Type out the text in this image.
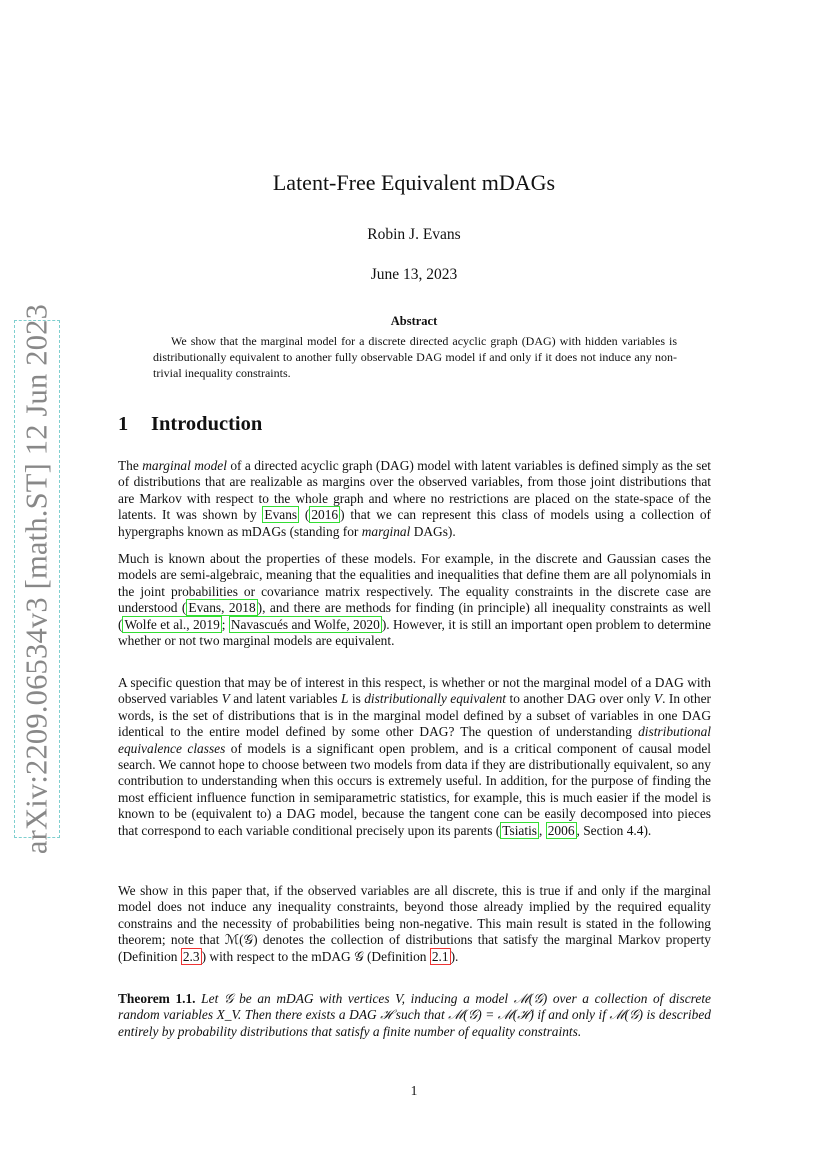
arXiv:2209.06534v3 [math.ST] 12 Jun 2023
Latent-Free Equivalent mDAGs
Robin J. Evans
June 13, 2023
Abstract

We show that the marginal model for a discrete directed acyclic graph (DAG) with hidden variables is distributionally equivalent to another fully observable DAG model if and only if it does not induce any non-trivial inequality constraints.

1 Introduction

The marginal model of a directed acyclic graph (DAG) model with latent variables is defined simply as the set of distributions that are realizable as margins over the observed variables, from those joint distributions that are Markov with respect to the whole graph and where no restrictions are placed on the state-space of the latents. It was shown by Evans ( 2016 ) that we can represent this class of models using a collection of hypergraphs known as mDAGs (standing for marginal DAGs).

Much is known about the properties of these models. For example, in the discrete and Gaussian cases the models are semi-algebraic, meaning that the equalities and inequalities that define them are all polynomials in the joint probabilities or covariance matrix respectively. The equality constraints in the discrete case are understood ( Evans, 2018 ), and there are methods for finding (in principle) all inequality constraints as well ( Wolfe et al., 2019 ; Navascués and Wolfe, 2020 ). However, it is still an important open problem to determine whether or not two marginal models are equivalent.

A specific question that may be of interest in this respect, is whether or not the marginal model of a DAG with observed variables V and latent variables L is distributionally equivalent to another DAG over only V. In other words, is the set of distributions that is in the marginal model defined by a subset of variables in one DAG identical to the entire model defined by some other DAG? The question of understanding distributional equivalence classes of models is a significant open problem, and is a critical component of causal model search. We cannot hope to choose between two models from data if they are distributionally equivalent, so any contribution to understanding when this occurs is extremely useful. In addition, for the purpose of finding the most efficient influence function in semiparametric statistics, for example, this is much easier if the model is known to be (equivalent to) a DAG model, because the tangent cone can be easily decomposed into pieces that correspond to each variable conditional precisely upon its parents ( Tsiatis , 2006 , Section 4.4).

We show in this paper that, if the observed variables are all discrete, this is true if and only if the marginal model does not induce any inequality constraints, beyond those already implied by the required equality constrains and the necessity of probabilities being non-negative. This main result is stated in the following theorem; note that ℳ(𝒢) denotes the collection of distributions that satisfy the marginal Markov property (Definition 2.3 ) with respect to the mDAG 𝒢 (Definition 2.1 ).

Theorem 1.1. Let 𝒢 be an mDAG with vertices V, inducing a model ℳ(𝒢) over a collection of discrete random variables X_V. Then there exists a DAG ℋ such that ℳ(𝒢) = ℳ(ℋ) if and only if ℳ(𝒢) is described entirely by probability distributions that satisfy a finite number of equality constraints.

1
